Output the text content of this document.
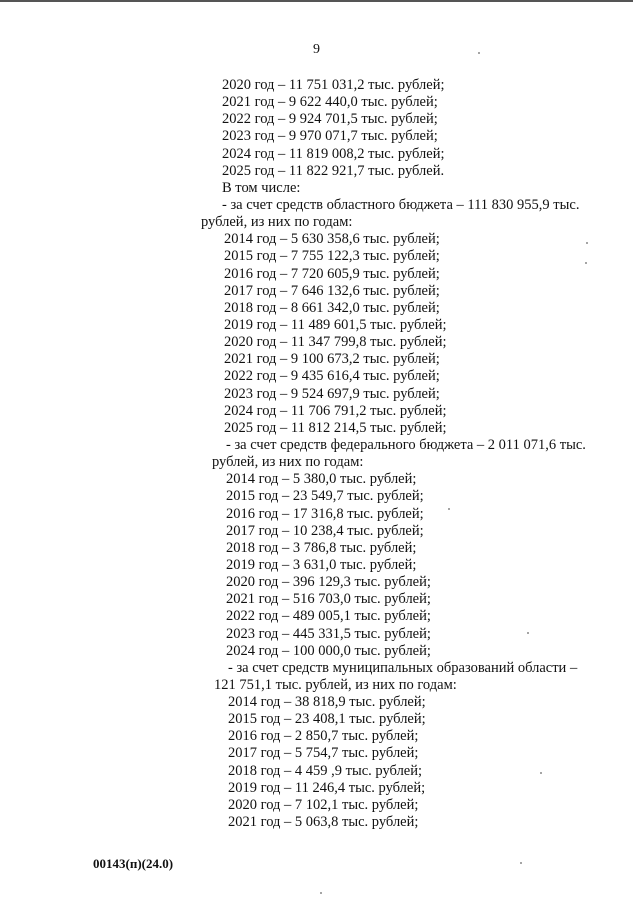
9
2020 год – 11 751 031,2 тыс. рублей;
2021 год – 9 622 440,0 тыс. рублей;
2022 год – 9 924 701,5 тыс. рублей;
2023 год – 9 970 071,7 тыс. рублей;
2024 год – 11 819 008,2 тыс. рублей;
2025 год – 11 822 921,7 тыс. рублей.
В том числе:
- за счет средств областного бюджета – 111 830 955,9 тыс.
рублей, из них по годам:
2014 год – 5 630 358,6 тыс. рублей;
2015 год – 7 755 122,3 тыс. рублей;
2016 год – 7 720 605,9 тыс. рублей;
2017 год – 7 646 132,6 тыс. рублей;
2018 год – 8 661 342,0 тыс. рублей;
2019 год – 11 489 601,5 тыс. рублей;
2020 год – 11 347 799,8 тыс. рублей;
2021 год – 9 100 673,2 тыс. рублей;
2022 год – 9 435 616,4 тыс. рублей;
2023 год – 9 524 697,9 тыс. рублей;
2024 год – 11 706 791,2 тыс. рублей;
2025 год – 11 812 214,5 тыс. рублей;
- за счет средств федерального бюджета – 2 011 071,6 тыс.
рублей, из них по годам:
2014 год – 5 380,0 тыс. рублей;
2015 год – 23 549,7 тыс. рублей;
2016 год – 17 316,8 тыс. рублей;
2017 год – 10 238,4 тыс. рублей;
2018 год – 3 786,8 тыс. рублей;
2019 год – 3 631,0 тыс. рублей;
2020 год – 396 129,3 тыс. рублей;
2021 год – 516 703,0 тыс. рублей;
2022 год – 489 005,1 тыс. рублей;
2023 год – 445 331,5 тыс. рублей;
2024 год – 100 000,0 тыс. рублей;
- за счет средств муниципальных образований области –
121 751,1 тыс. рублей, из них по годам:
2014 год – 38 818,9 тыс. рублей;
2015 год – 23 408,1 тыс. рублей;
2016 год – 2 850,7 тыс. рублей;
2017 год – 5 754,7 тыс. рублей;
2018 год – 4 459 ,9 тыс. рублей;
2019 год – 11 246,4 тыс. рублей;
2020 год – 7 102,1 тыс. рублей;
2021 год – 5 063,8 тыс. рублей;
00143(п)(24.0)
